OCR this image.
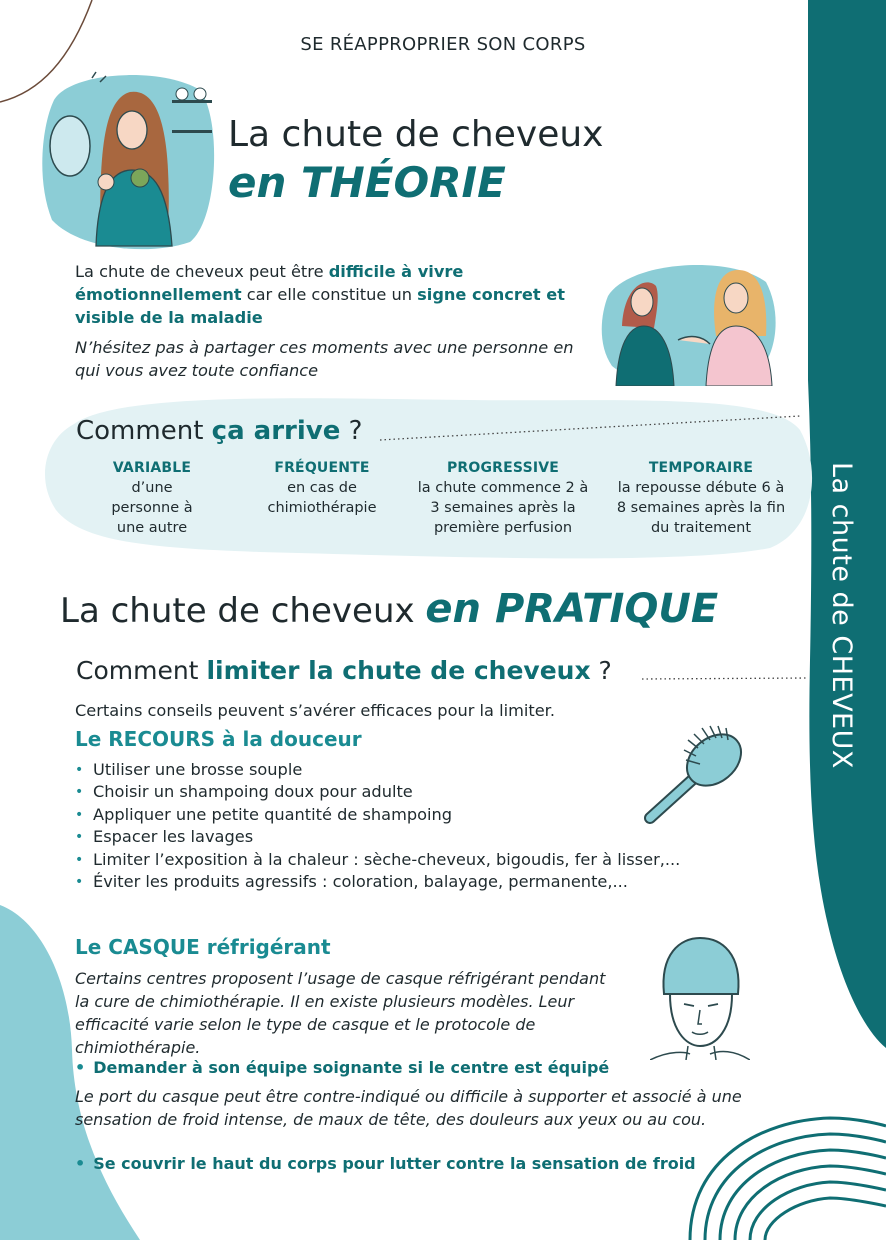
SE RÉAPPROPRIER SON CORPS
La chute de CHEVEUX
La chute de cheveux
en THÉORIE
La chute de cheveux peut être difficile à vivre émotionnellement car elle constitue un signe concret et visible de la maladie
N’hésitez pas à partager ces moments avec une personne en qui vous avez toute confiance
Comment ça arrive ?
VARIABLE
d’une personne à une autre
FRÉQUENTE
en cas de chimiothérapie
PROGRESSIVE
la chute commence 2 à 3 semaines après la première perfusion
TEMPORAIRE
la repousse débute 6 à 8 semaines après la fin du traitement
La chute de cheveux en PRATIQUE
Comment limiter la chute de cheveux ?
Certains conseils peuvent s’avérer efficaces pour la limiter.
Le RECOURS à la douceur
• Utiliser une brosse souple
• Choisir un shampoing doux pour adulte
• Appliquer une petite quantité de shampoing
• Espacer les lavages
• Limiter l’exposition à la chaleur : sèche-cheveux, bigoudis, fer à lisser,...
• Éviter les produits agressifs : coloration, balayage, permanente,...
Le CASQUE réfrigérant
Certains centres proposent l’usage de casque réfrigérant pendant la cure de chimiothérapie. Il en existe plusieurs modèles. Leur efficacité varie selon le type de casque et le protocole de chimiothérapie.
• Demander à son équipe soignante si le centre est équipé
Le port du casque peut être contre-indiqué ou difficile à supporter et associé à une sensation de froid intense, de maux de tête, des douleurs aux yeux ou au cou.
• Se couvrir le haut du corps pour lutter contre la sensation de froid
